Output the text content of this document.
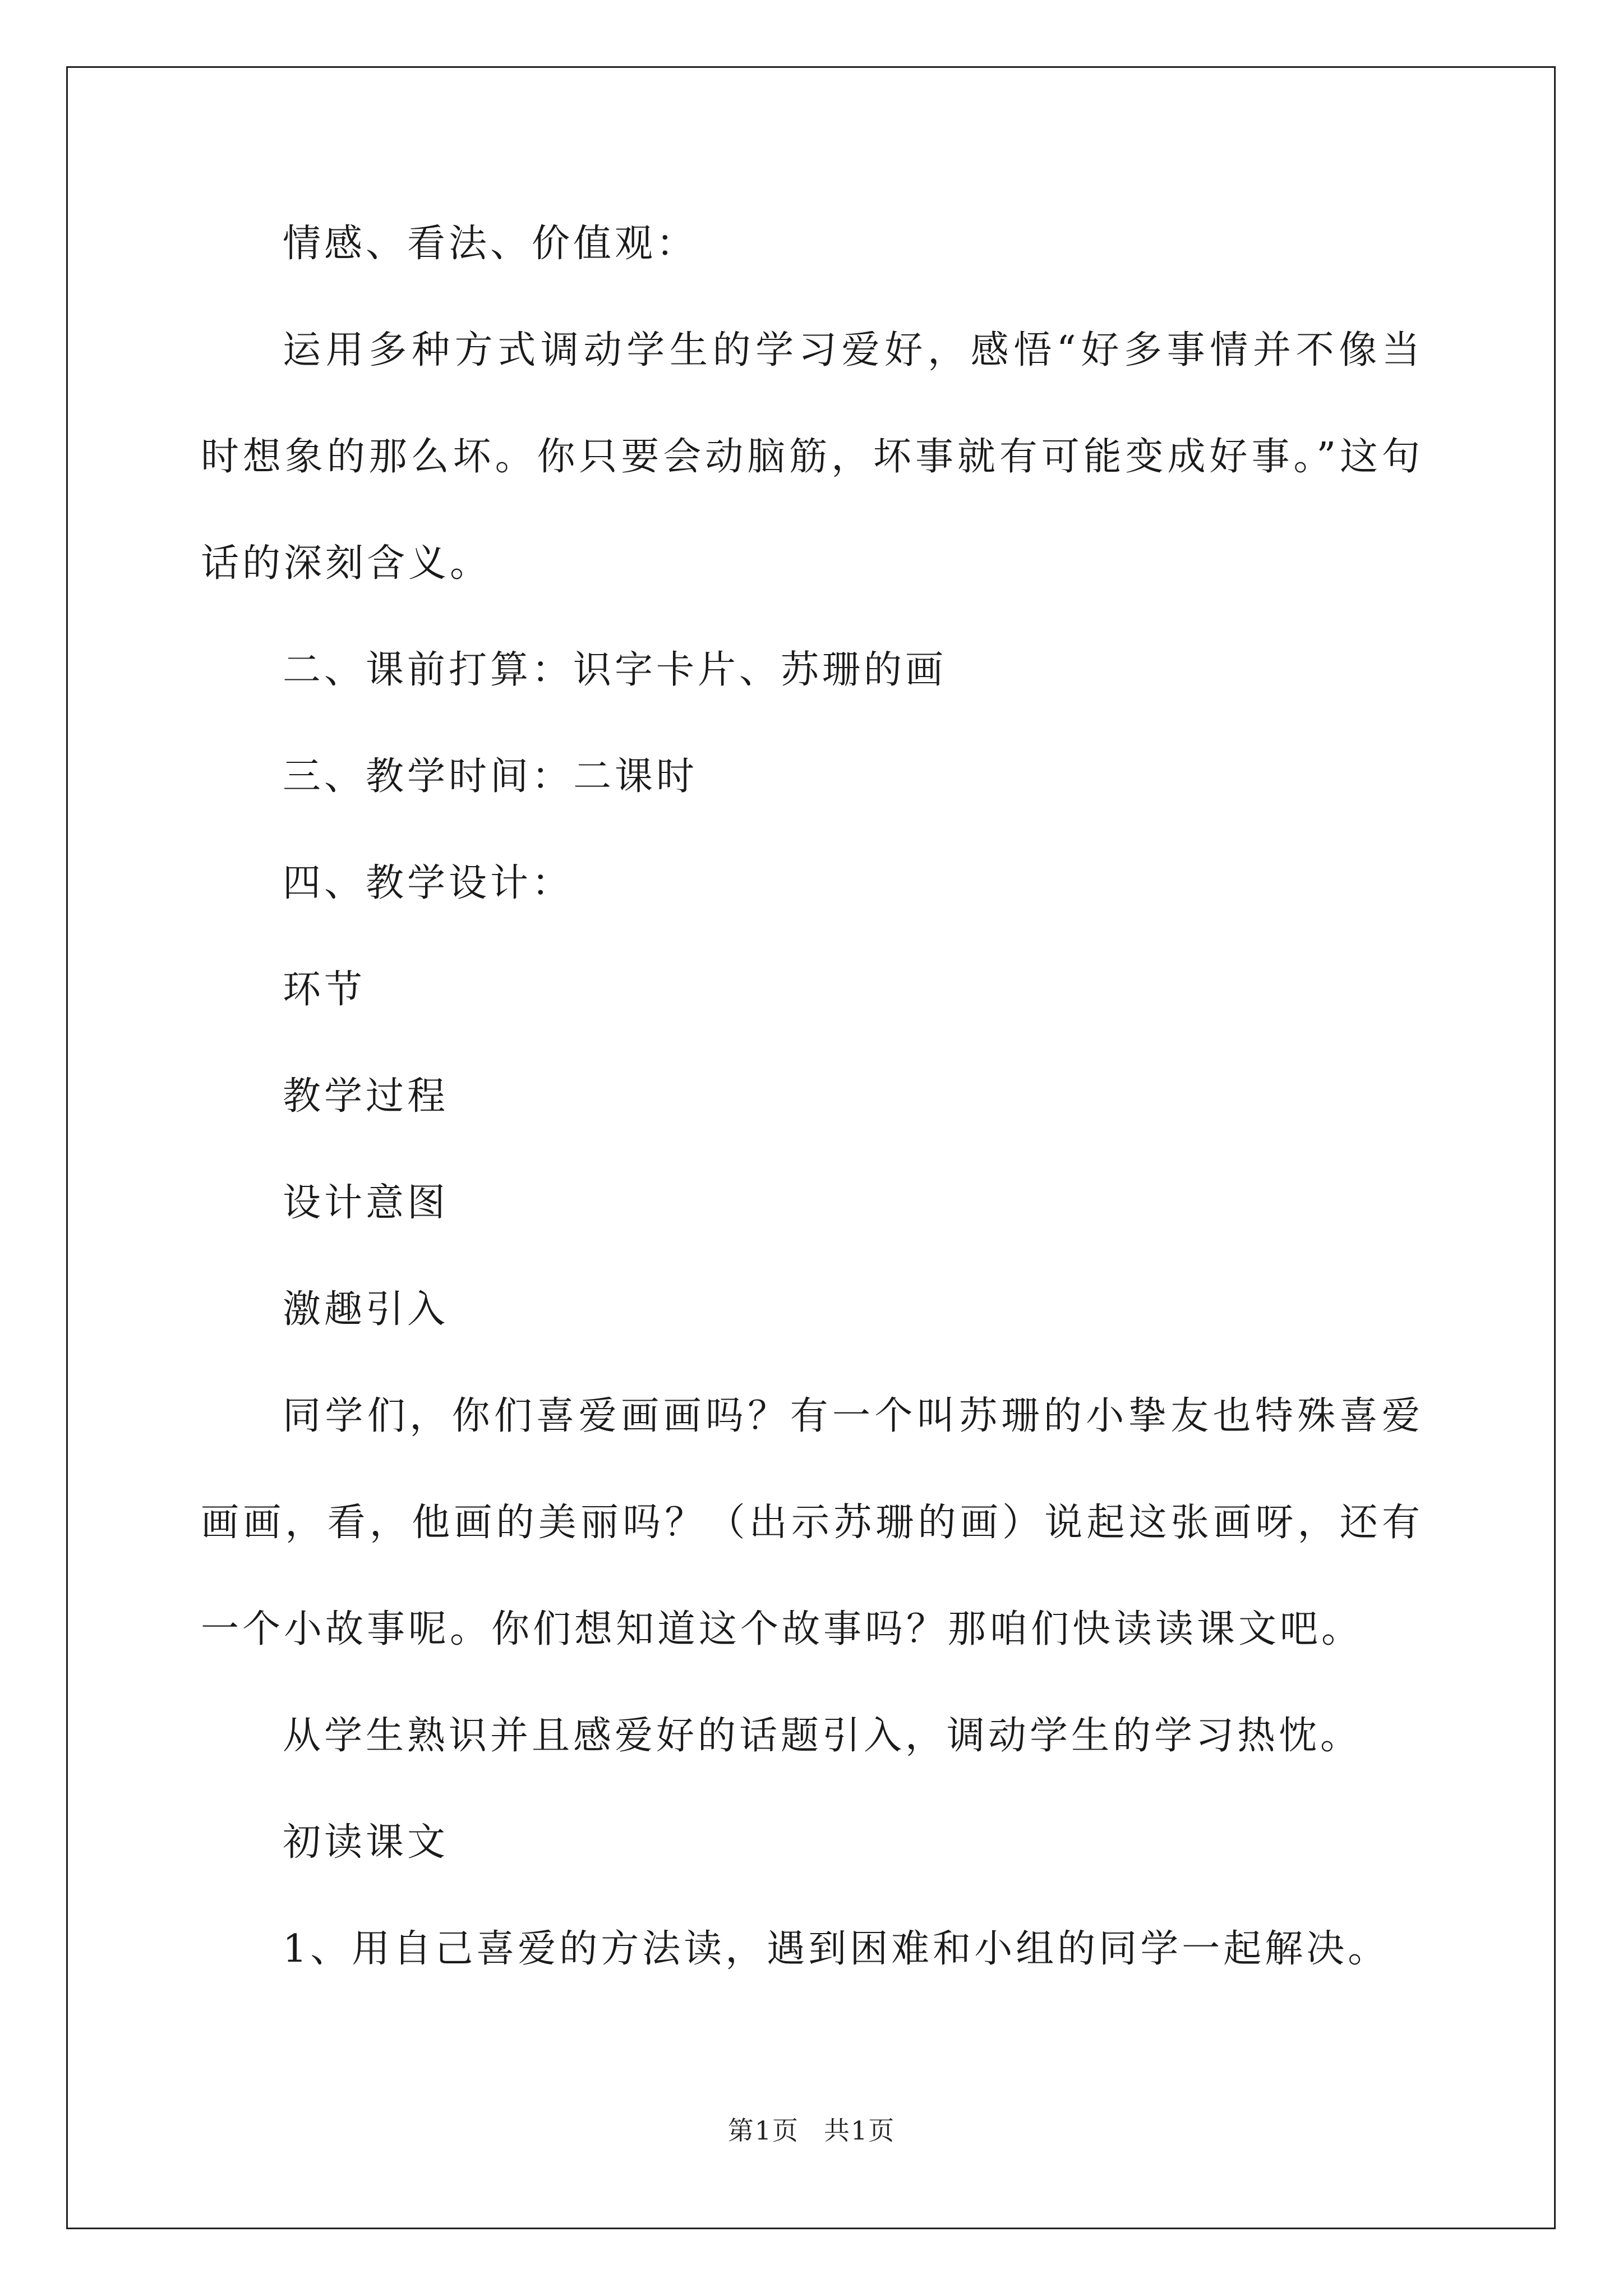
情感、看法、价值观：

运用多种方式调动学生的学习爱好，感悟“好多事情并不像当时想象的那么坏。你只要会动脑筋，坏事就有可能变成好事。”这句话的深刻含义。

二、课前打算：识字卡片、苏珊的画

三、教学时间：二课时

四、教学设计：

环节

教学过程

设计意图

激趣引入

同学们，你们喜爱画画吗？有一个叫苏珊的小挚友也特殊喜爱画画，看，他画的美丽吗？（出示苏珊的画）说起这张画呀，还有一个小故事呢。你们想知道这个故事吗？那咱们快读读课文吧。

从学生熟识并且感爱好的话题引入，调动学生的学习热忱。

初读课文

1、用自己喜爱的方法读，遇到困难和小组的同学一起解决。

第1页 共1页
